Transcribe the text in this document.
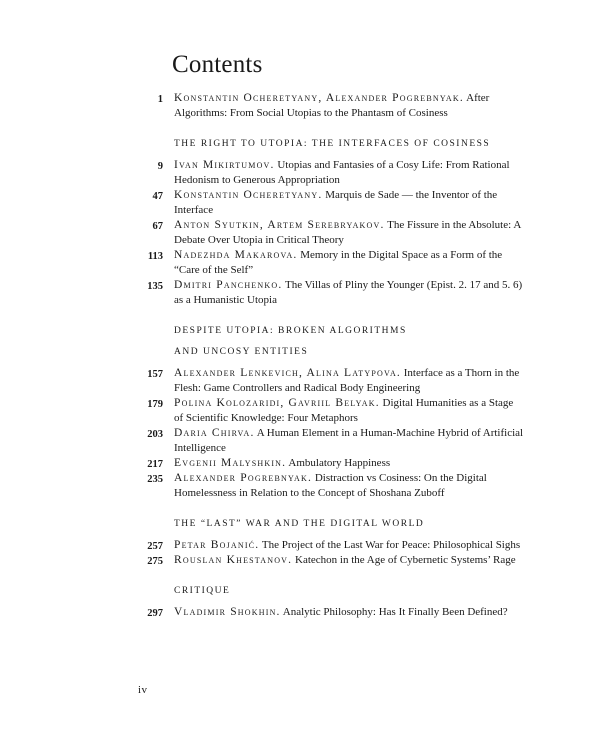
Contents
1 Konstantin Ocheretyany, Alexander Pogrebnyak. After Algorithms: From Social Utopias to the Phantasm of Cosiness
THE RIGHT TO UTOPIA: THE INTERFACES OF COSINESS
9 Ivan Mikirtumov. Utopias and Fantasies of a Cosy Life: From Rational Hedonism to Generous Appropriation
47 Konstantin Ocheretyany. Marquis de Sade — the Inventor of the Interface
67 Anton Syutkin, Artem Serebryakov. The Fissure in the Absolute: A Debate Over Utopia in Critical Theory
113 Nadezhda Makarova. Memory in the Digital Space as a Form of the “Care of the Self”
135 Dmitri Panchenko. The Villas of Pliny the Younger (Epist. 2. 17 and 5. 6) as a Humanistic Utopia
DESPITE UTOPIA: BROKEN ALGORITHMS
AND UNCOSY ENTITIES
157 Alexander Lenkevich, Alina Latypova. Interface as a Thorn in the Flesh: Game Controllers and Radical Body Engineering
179 Polina Kolozaridi, Gavriil Belyak. Digital Humanities as a Stage of Scientific Knowledge: Four Metaphors
203 Daria Chirva. A Human Element in a Human-Machine Hybrid of Artificial Intelligence
217 Evgenii Malyshkin. Ambulatory Happiness
235 Alexander Pogrebnyak. Distraction vs Cosiness: On the Digital Homelessness in Relation to the Concept of Shoshana Zuboff
THE “LAST” WAR AND THE DIGITAL WORLD
257 Petar Bojanić. The Project of the Last War for Peace: Philosophical Sighs
275 Rouslan Khestanov. Katechon in the Age of Cybernetic Systems’ Rage
CRITIQUE
297 Vladimir Shokhin. Analytic Philosophy: Has It Finally Been Defined?
iv
